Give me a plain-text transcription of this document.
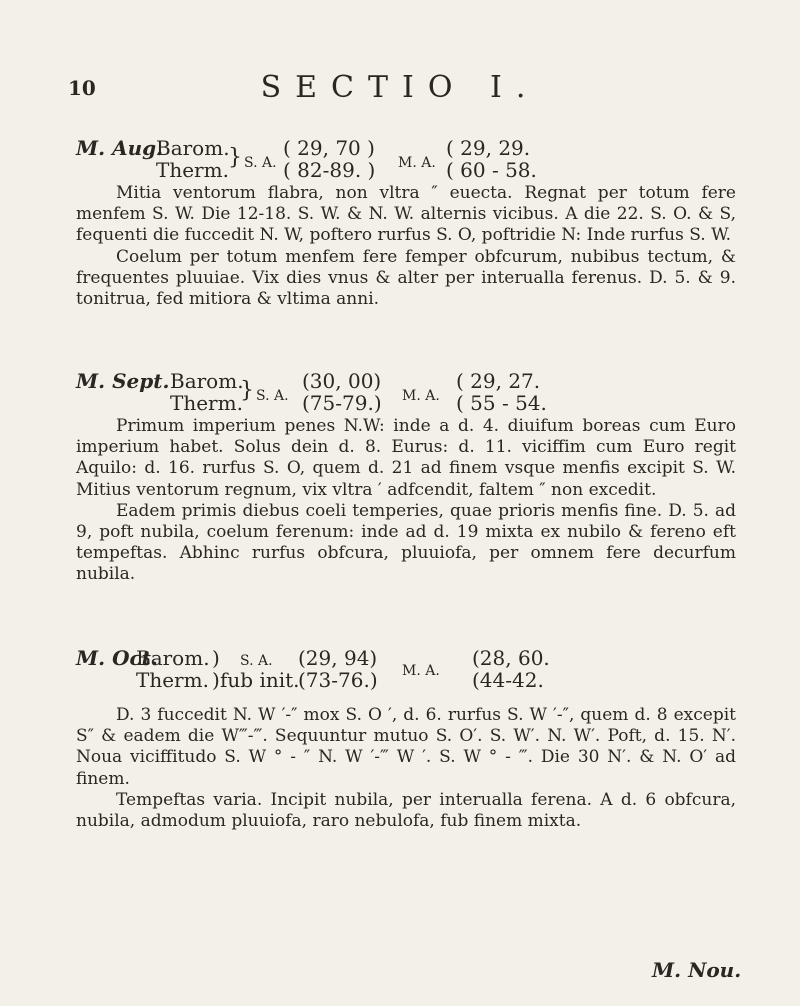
10	SECTIO I.
M. Aug.
Barom.
Therm. } S. A.
( 29, 70 )
( 82-89. ) M. A.
( 29, 29.
( 60 - 58.

Mitia ventorum flabra, non vltra ″ euecta. Regnat per totum fere menfem S. W. Die 12-18. S. W. & N. W. alternis vicibus. A die 22. S. O. & S, fequenti die fuccedit N. W, poftero rurfus S. O, poftridie N: Inde rurfus S. W.

Coelum per totum menfem fere femper obfcurum, nubibus tectum, & frequentes pluuiae. Vix dies vnus & alter per interualla ferenus. D. 5. & 9. tonitrua, fed mitiora & vltima anni.

M. Sept. Barom.
Therm.
} S. A.
(30, 00)
(75-79.) M. A.
( 29, 27.
( 55 - 54.

Primum imperium penes N.W: inde a d. 4. diuifum boreas cum Euro imperium habet. Solus dein d. 8. Eurus: d. 11. viciffim cum Euro regit Aquilo: d. 16. rurfus S. O, quem d. 21 ad finem vsque menfis excipit S. W. Mitius ventorum regnum, vix vltra ′ adfcendit, faltem ″ non excedit.

Eadem primis diebus coeli temperies, quae prioris menfis fine. D. 5. ad 9, poft nubila, coelum ferenum: inde ad d. 19 mixta ex nubilo & fereno eft tempeftas. Abhinc rurfus obfcura, pluuiofa, per omnem fere decurfum nubila.

M. Oct.
Barom.
Therm.
)
)
S. A.
fub init.
(29, 94)
(73-76.) M. A.
(28, 60.
(44-42.

D. 3 fuccedit N. W ′-″ mox S. O ′, d. 6. rurfus S. W ′-″, quem d. 8 excepit S″ & eadem die W‴-‴. Sequuntur mutuo S. O′. S. W′. N. W′. Poft, d. 15. N′. Noua viciffitudo S. W ° - ″ N. W ′-‴ W ′. S. W ° - ‴. Die 30 N′. & N. O′ ad finem.

Tempeftas varia. Incipit nubila, per interualla ferena. A d. 6 obfcura, nubila, admodum pluuiofa, raro nebulofa, fub finem mixta.

M. Nou.
